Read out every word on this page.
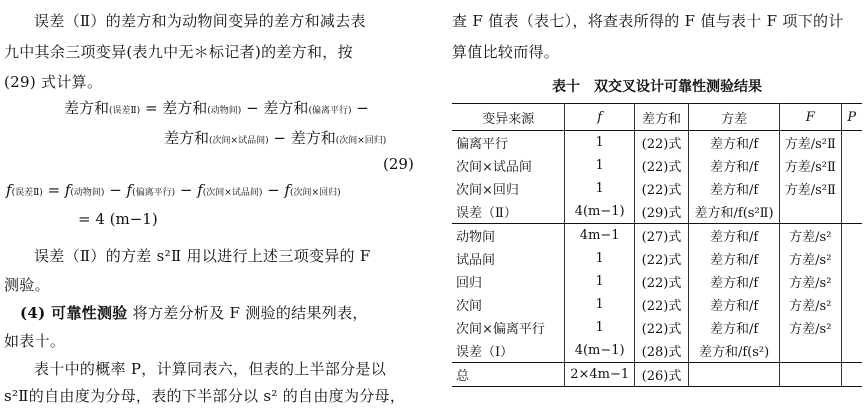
误差（Ⅱ）的差方和为动物间变异的差方和减去表
九中其余三项变异(表九中无＊标记者)的差方和，按
(29) 式计算。
差方和(误差Ⅱ) = 差方和(动物间) − 差方和(偏离平行) −
差方和(次间×试品间) − 差方和(次间×回归)
(29)
f(误差Ⅱ) = f(动物间) − f(偏离平行) − f(次间×试品间) − f(次间×回归)
= 4 (m−1)
误差（Ⅱ）的方差 s²Ⅱ 用以进行上述三项变异的 F
测验。
(4) 可靠性测验 将方差分析及 F 测验的结果列表，
如表十。
表十中的概率 P，计算同表六，但表的上半部分是以
s²Ⅱ的自由度为分母，表的下半部分以 s² 的自由度为分母，
查 F 值表（表七），将查表所得的 F 值与表十 F 项下的计
算值比较而得。
表十　双交叉设计可靠性测验结果
变异来源	f	差方和	方差	F	P
偏离平行	1	(22)式	差方和/f	方差/s²Ⅱ	
次间×试品间	1	(22)式	差方和/f	方差/s²Ⅱ	
次间×回归	1	(22)式	差方和/f	方差/s²Ⅱ	
误差（Ⅱ）	4(m−1)	(29)式	差方和/f(s²Ⅱ)		
动物间	4m−1	(27)式	差方和/f	方差/s²	
试品间	1	(22)式	差方和/f	方差/s²	
回归	1	(22)式	差方和/f	方差/s²	
次间	1	(22)式	差方和/f	方差/s²	
次间×偏离平行	1	(22)式	差方和/f	方差/s²	
误差（Ⅰ）	4(m−1)	(28)式	差方和/f(s²)		
总	2×4m−1	(26)式			
